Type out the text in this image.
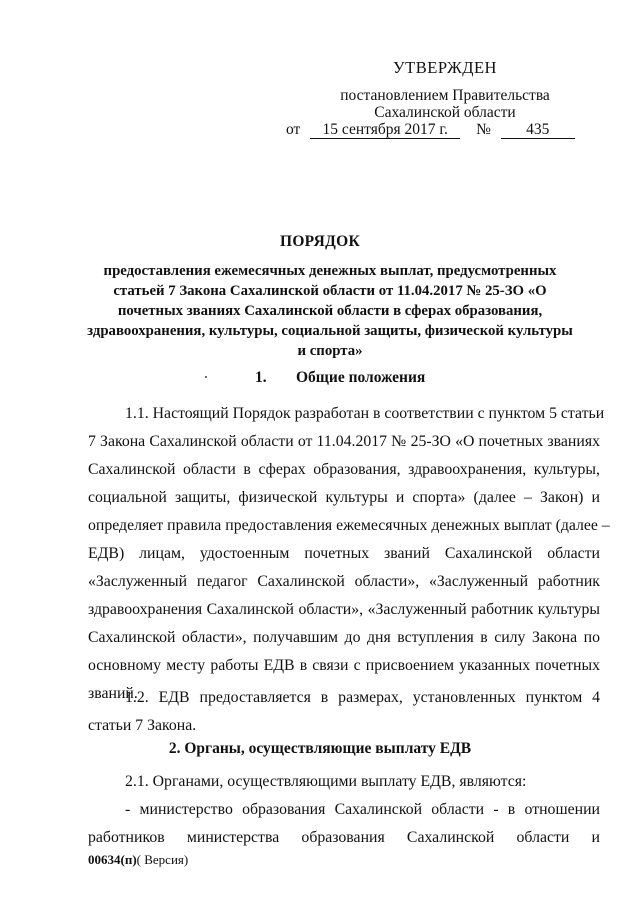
УТВЕРЖДЕН
постановлением Правительства
Сахалинской области
от 15 сентября 2017 г. № 435
ПОРЯДОК
предоставления ежемесячных денежных выплат, предусмотренных
статьей 7 Закона Сахалинской области от 11.04.2017 № 25-ЗО «О
почетных званиях Сахалинской области в сферах образования,
здравоохранения, культуры, социальной защиты, физической культуры
и спорта»
1. Общие положения
1.1. Настоящий Порядок разработан в соответствии с пунктом 5 статьи
7 Закона Сахалинской области от 11.04.2017 № 25-ЗО «О почетных званиях
Сахалинской области в сферах образования, здравоохранения, культуры,
социальной защиты, физической культуры и спорта» (далее – Закон) и
определяет правила предоставления ежемесячных денежных выплат (далее –
ЕДВ) лицам, удостоенным почетных званий Сахалинской области
«Заслуженный педагог Сахалинской области», «Заслуженный работник
здравоохранения Сахалинской области», «Заслуженный работник культуры
Сахалинской области», получавшим до дня вступления в силу Закона по
основному месту работы ЕДВ в связи с присвоением указанных почетных
званий.
1.2. ЕДВ предоставляется в размерах, установленных пунктом 4
статьи 7 Закона.
2. Органы, осуществляющие выплату ЕДВ
2.1. Органами, осуществляющими выплату ЕДВ, являются:
- министерство образования Сахалинской области - в отношении
работников министерства образования Сахалинской области и
00634(п)( Версия)
